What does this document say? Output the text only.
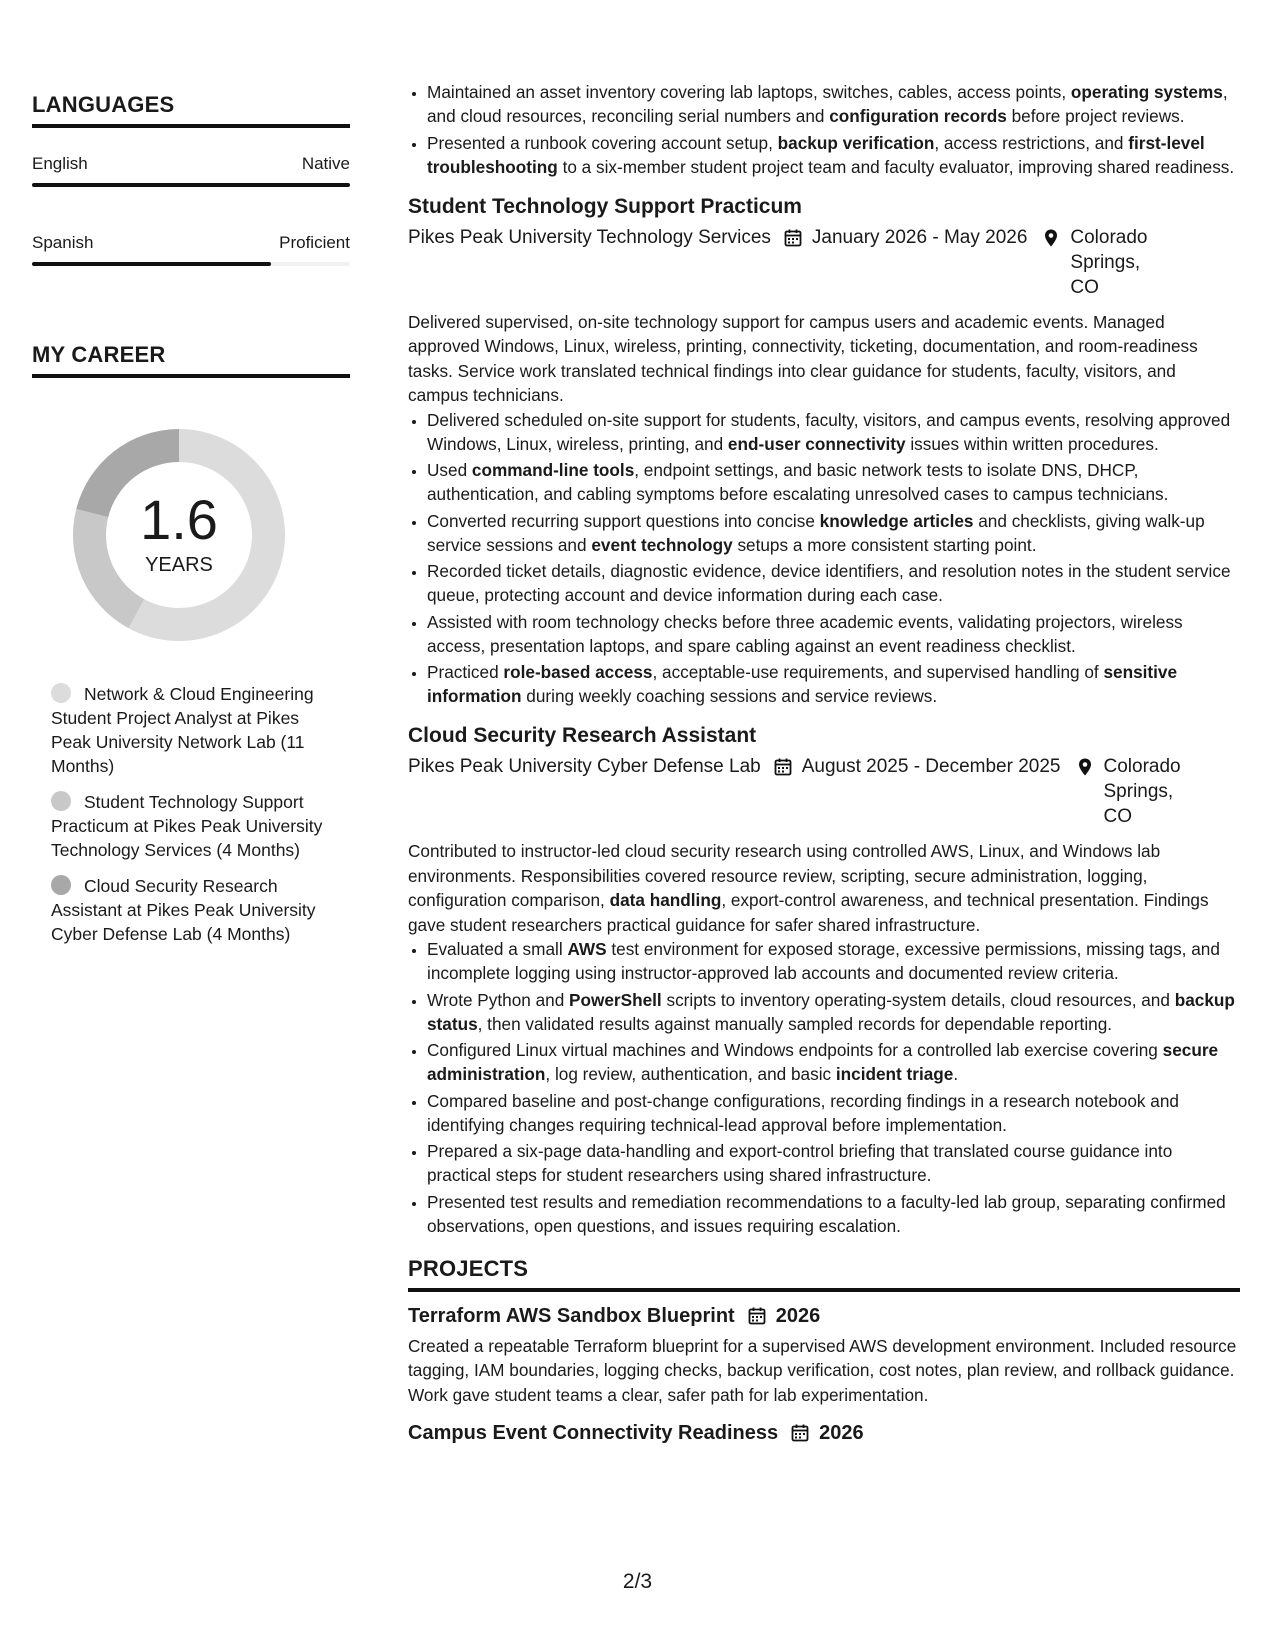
LANGUAGES
English	Native
Spanish	Proficient
MY CAREER
1.6
YEARS
Network & Cloud Engineering Student Project Analyst at Pikes Peak University Network Lab (11 Months)
Student Technology Support Practicum at Pikes Peak University Technology Services (4 Months)
Cloud Security Research Assistant at Pikes Peak University Cyber Defense Lab (4 Months)
• Maintained an asset inventory covering lab laptops, switches, cables, access points, operating systems, and cloud resources, reconciling serial numbers and configuration records before project reviews.
• Presented a runbook covering account setup, backup verification, access restrictions, and first-level troubleshooting to a six-member student project team and faculty evaluator, improving shared readiness.
Student Technology Support Practicum
Pikes Peak University Technology Services January 2026 - May 2026 Colorado Springs, CO
Delivered supervised, on-site technology support for campus users and academic events. Managed approved Windows, Linux, wireless, printing, connectivity, ticketing, documentation, and room-readiness tasks. Service work translated technical findings into clear guidance for students, faculty, visitors, and campus technicians.
• Delivered scheduled on-site support for students, faculty, visitors, and campus events, resolving approved Windows, Linux, wireless, printing, and end-user connectivity issues within written procedures.
• Used command-line tools, endpoint settings, and basic network tests to isolate DNS, DHCP, authentication, and cabling symptoms before escalating unresolved cases to campus technicians.
• Converted recurring support questions into concise knowledge articles and checklists, giving walk-up service sessions and event technology setups a more consistent starting point.
• Recorded ticket details, diagnostic evidence, device identifiers, and resolution notes in the student service queue, protecting account and device information during each case.
• Assisted with room technology checks before three academic events, validating projectors, wireless access, presentation laptops, and spare cabling against an event readiness checklist.
• Practiced role-based access, acceptable-use requirements, and supervised handling of sensitive information during weekly coaching sessions and service reviews.
Cloud Security Research Assistant
Pikes Peak University Cyber Defense Lab August 2025 - December 2025 Colorado Springs, CO
Contributed to instructor-led cloud security research using controlled AWS, Linux, and Windows lab environments. Responsibilities covered resource review, scripting, secure administration, logging, configuration comparison, data handling, export-control awareness, and technical presentation. Findings gave student researchers practical guidance for safer shared infrastructure.
• Evaluated a small AWS test environment for exposed storage, excessive permissions, missing tags, and incomplete logging using instructor-approved lab accounts and documented review criteria.
• Wrote Python and PowerShell scripts to inventory operating-system details, cloud resources, and backup status, then validated results against manually sampled records for dependable reporting.
• Configured Linux virtual machines and Windows endpoints for a controlled lab exercise covering secure administration, log review, authentication, and basic incident triage.
• Compared baseline and post-change configurations, recording findings in a research notebook and identifying changes requiring technical-lead approval before implementation.
• Prepared a six-page data-handling and export-control briefing that translated course guidance into practical steps for student researchers using shared infrastructure.
• Presented test results and remediation recommendations to a faculty-led lab group, separating confirmed observations, open questions, and issues requiring escalation.
PROJECTS
Terraform AWS Sandbox Blueprint 2026
Created a repeatable Terraform blueprint for a supervised AWS development environment. Included resource tagging, IAM boundaries, logging checks, backup verification, cost notes, plan review, and rollback guidance. Work gave student teams a clear, safer path for lab experimentation.
Campus Event Connectivity Readiness 2026
2/3
